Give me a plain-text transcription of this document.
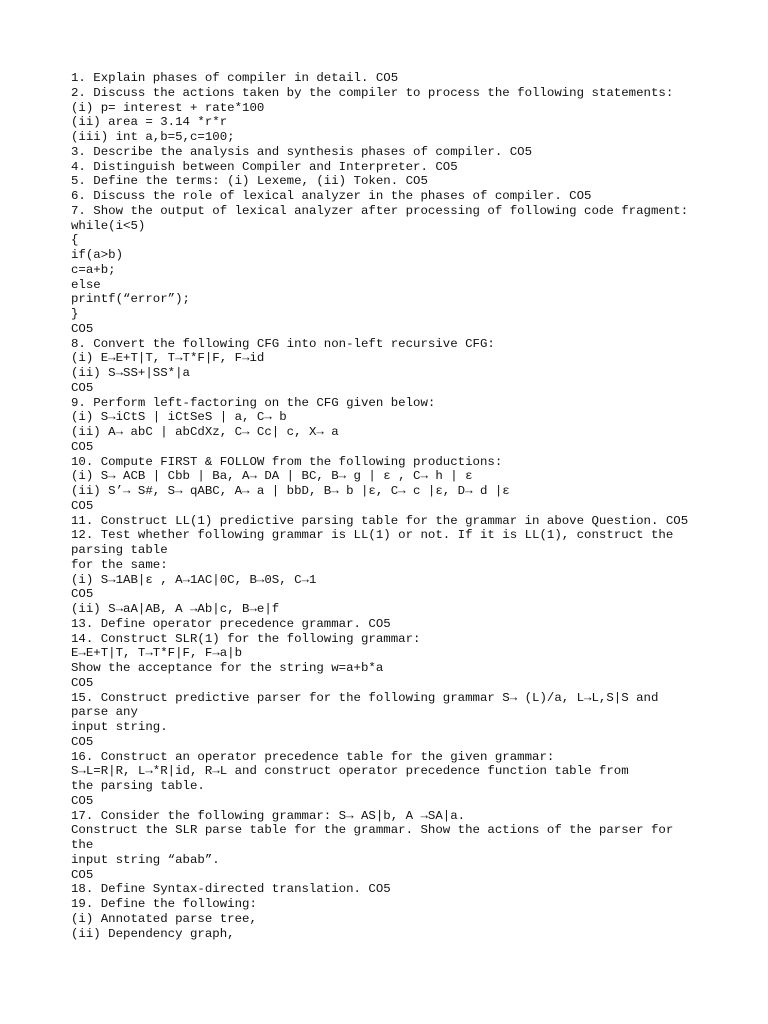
1. Explain phases of compiler in detail. CO5
2. Discuss the actions taken by the compiler to process the following statements:
(i) p= interest + rate*100
(ii) area = 3.14 *r*r
(iii) int a,b=5,c=100;
3. Describe the analysis and synthesis phases of compiler. CO5
4. Distinguish between Compiler and Interpreter. CO5
5. Define the terms: (i) Lexeme, (ii) Token. CO5
6. Discuss the role of lexical analyzer in the phases of compiler. CO5
7. Show the output of lexical analyzer after processing of following code fragment:
while(i<5)
{
if(a>b)
c=a+b;
else
printf(“error”);
}
CO5
8. Convert the following CFG into non-left recursive CFG:
(i) E→E+T|T, T→T*F|F, F→id
(ii) S→SS+|SS*|a
CO5
9. Perform left-factoring on the CFG given below:
(i) S→iCtS | iCtSeS | a, C→ b
(ii) A→ abC | abCdXz, C→ Cc| c, X→ a
CO5
10. Compute FIRST & FOLLOW from the following productions:
(i) S→ ACB | Cbb | Ba, A→ DA | BC, B→ g | ε , C→ h | ε
(ii) S’→ S#, S→ qABC, A→ a | bbD, B→ b |ε, C→ c |ε, D→ d |ε
CO5
11. Construct LL(1) predictive parsing table for the grammar in above Question. CO5
12. Test whether following grammar is LL(1) or not. If it is LL(1), construct the
parsing table
for the same:
(i) S→1AB|ε , A→1AC|0C, B→0S, C→1
CO5
(ii) S→aA|AB, A →Ab|c, B→e|f
13. Define operator precedence grammar. CO5
14. Construct SLR(1) for the following grammar:
E→E+T|T, T→T*F|F, F→a|b
Show the acceptance for the string w=a+b*a
CO5
15. Construct predictive parser for the following grammar S→ (L)/a, L→L,S|S and
parse any
input string.
CO5
16. Construct an operator precedence table for the given grammar:
S→L=R|R, L→*R|id, R→L and construct operator precedence function table from
the parsing table.
CO5
17. Consider the following grammar: S→ AS|b, A →SA|a.
Construct the SLR parse table for the grammar. Show the actions of the parser for
the
input string “abab”.
CO5
18. Define Syntax-directed translation. CO5
19. Define the following:
(i) Annotated parse tree,
(ii) Dependency graph,
